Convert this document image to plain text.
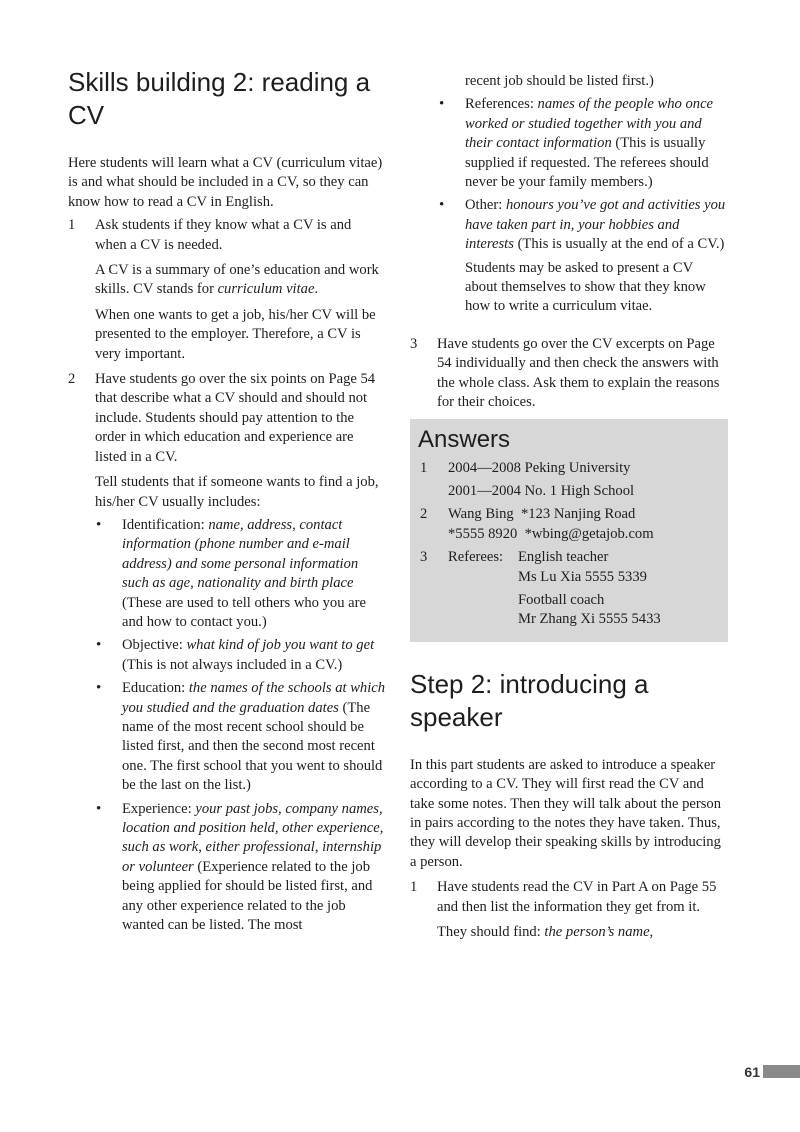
Skills building 2: reading a CV

Here students will learn what a CV (curriculum vitae) is and what should be included in a CV, so they can know how to read a CV in English.

1 Ask students if they know what a CV is and when a CV is needed.

A CV is a summary of one’s education and work skills. CV stands for curriculum vitae.

When one wants to get a job, his/her CV will be presented to the employer. Therefore, a CV is very important.

2 Have students go over the six points on Page 54 that describe what a CV should and should not include. Students should pay attention to the order in which education and experience are listed in a CV.

Tell students that if someone wants to find a job, his/her CV usually includes:

• Identification: name, address, contact information (phone number and e-mail address) and some personal information such as age, nationality and birth place (These are used to tell others who you are and how to contact you.)
• Objective: what kind of job you want to get (This is not always included in a CV.)
• Education: the names of the schools at which you studied and the graduation dates (The name of the most recent school should be listed first, and then the second most recent one. The first school that you went to should be the last on the list.)
• Experience: your past jobs, company names, location and position held, other experience, such as work, either professional, internship or volunteer (Experience related to the job being applied for should be listed first, and any other experience related to the job wanted can be listed. The most

recent job should be listed first.)

• References: names of the people who once worked or studied together with you and their contact information (This is usually supplied if requested. The referees should never be your family members.)
• Other: honours you’ve got and activities you have taken part in, your hobbies and interests (This is usually at the end of a CV.)

Students may be asked to present a CV about themselves to show that they know how to write a curriculum vitae.

3 Have students go over the CV excerpts on Page 54 individually and then check the answers with the whole class. Ask them to explain the reasons for their choices.

Answers
1 2004—2008 Peking University

2001—2004 No. 1 High School

2 Wang Bing  *123 Nanjing Road

*5555 8920  *wbing@getajob.com

3 Referees:	English teacher

Ms Lu Xia 5555 5339

Football coach

Mr Zhang Xi 5555 5433

Step 2: introducing a speaker

In this part students are asked to introduce a speaker according to a CV. They will first read the CV and take some notes. Then they will talk about the person in pairs according to the notes they have taken. Thus, they will develop their speaking skills by introducing a person.

1 Have students read the CV in Part A on Page 55 and then list the information they get from it.

They should find: the person’s name,

61
